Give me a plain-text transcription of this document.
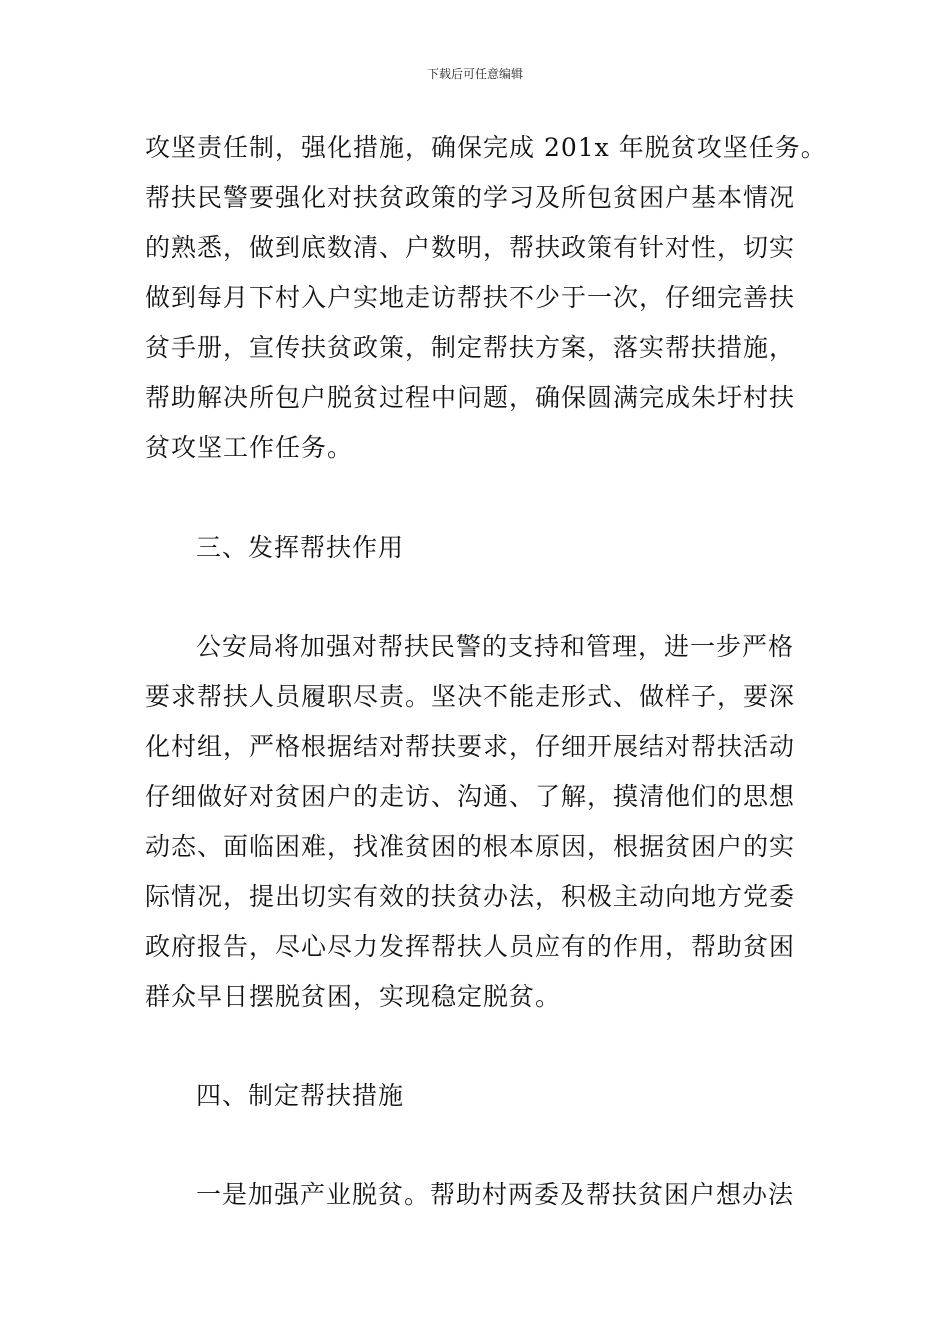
下载后可任意编辑
攻坚责任制，强化措施，确保完成 201x 年脱贫攻坚任务。
帮扶民警要强化对扶贫政策的学习及所包贫困户基本情况
的熟悉，做到底数清、户数明，帮扶政策有针对性，切实
做到每月下村入户实地走访帮扶不少于一次，仔细完善扶
贫手册，宣传扶贫政策，制定帮扶方案，落实帮扶措施，
帮助解决所包户脱贫过程中问题，确保圆满完成朱圩村扶
贫攻坚工作任务。
三、发挥帮扶作用
公安局将加强对帮扶民警的支持和管理，进一步严格
要求帮扶人员履职尽责。坚决不能走形式、做样子，要深
化村组，严格根据结对帮扶要求，仔细开展结对帮扶活动
仔细做好对贫困户的走访、沟通、了解，摸清他们的思想
动态、面临困难，找准贫困的根本原因，根据贫困户的实
际情况，提出切实有效的扶贫办法，积极主动向地方党委
政府报告，尽心尽力发挥帮扶人员应有的作用，帮助贫困
群众早日摆脱贫困，实现稳定脱贫。
四、制定帮扶措施
一是加强产业脱贫。帮助村两委及帮扶贫困户想办法
